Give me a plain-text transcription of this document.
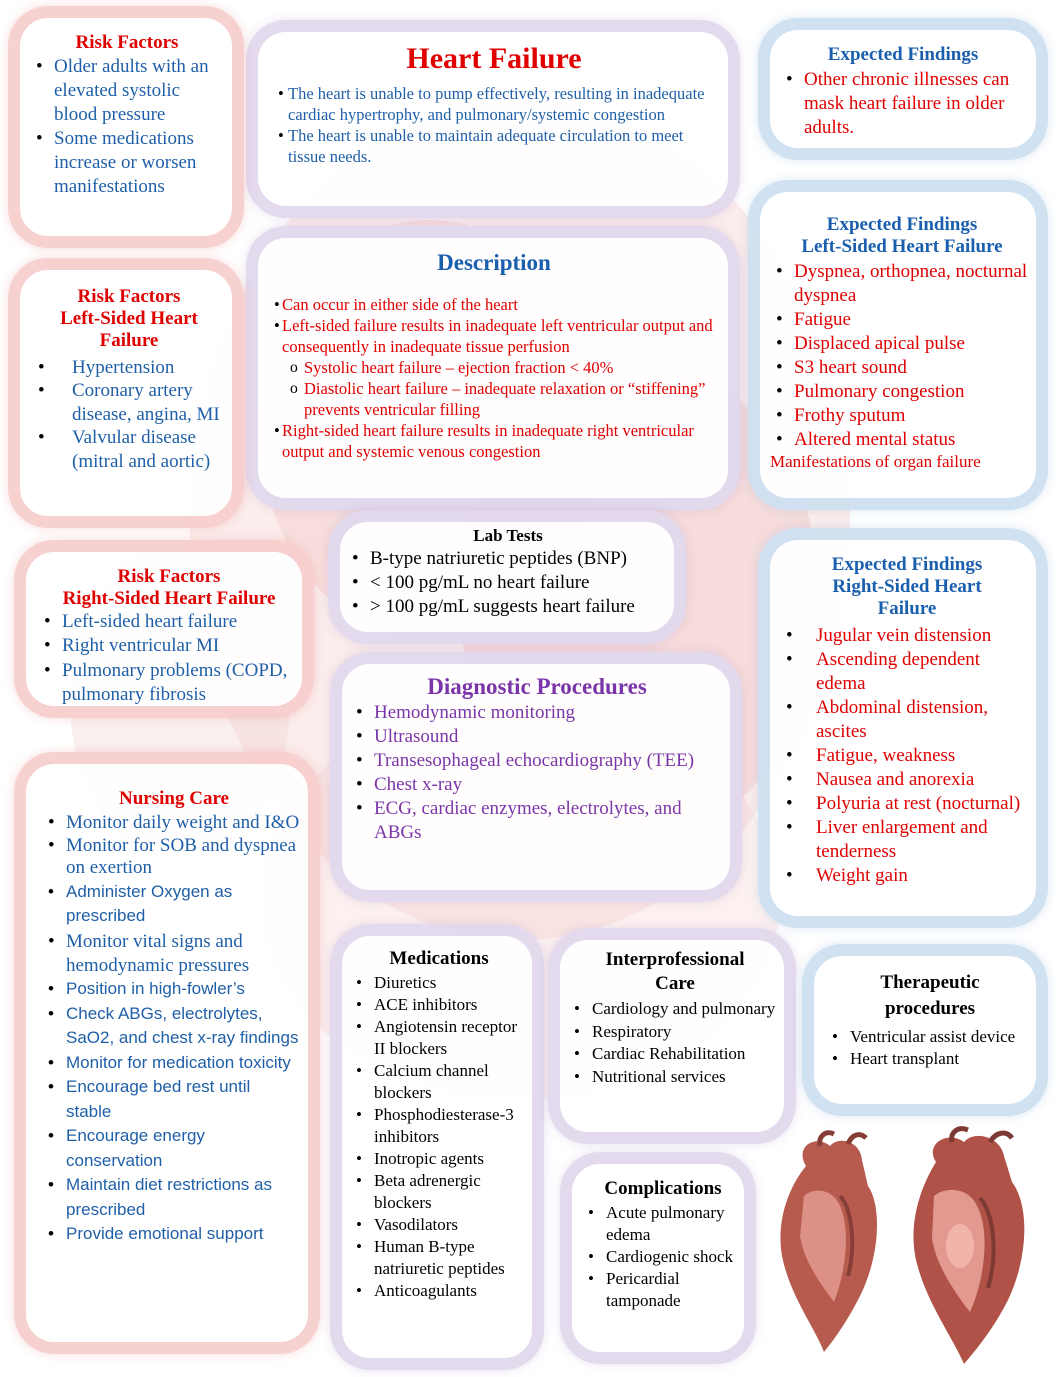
Heart Failure
• The heart is unable to pump effectively, resulting in inadequate cardiac hypertrophy, and pulmonary/systemic congestion
• The heart is unable to maintain adequate circulation to meet tissue needs.
Risk Factors
• Older adults with an elevated systolic blood pressure
• Some medications increase or worsen manifestations
Expected Findings
• Other chronic illnesses can mask heart failure in older adults.
Description
• Can occur in either side of the heart
• Left-sided failure results in inadequate left ventricular output and consequently in inadequate tissue perfusion
o Systolic heart failure – ejection fraction < 40%
o Diastolic heart failure – inadequate relaxation or “stiffening” prevents ventricular filling
• Right-sided heart failure results in inadequate right ventricular output and systemic venous congestion
Risk Factors
Left-Sided Heart Failure
• Hypertension
• Coronary artery disease, angina, MI
• Valvular disease (mitral and aortic)
Expected Findings
Left-Sided Heart Failure
• Dyspnea, orthopnea, nocturnal dyspnea
• Fatigue
• Displaced apical pulse
• S3 heart sound
• Pulmonary congestion
• Frothy sputum
• Altered mental status
Manifestations of organ failure
Lab Tests
• B-type natriuretic peptides (BNP)
• < 100 pg/mL no heart failure
• > 100 pg/mL suggests heart failure
Risk Factors
Right-Sided Heart Failure
• Left-sided heart failure
• Right ventricular MI
• Pulmonary problems (COPD, pulmonary fibrosis
Expected Findings
Right-Sided Heart Failure
• Jugular vein distension
• Ascending dependent edema
• Abdominal distension, ascites
• Fatigue, weakness
• Nausea and anorexia
• Polyuria at rest (nocturnal)
• Liver enlargement and tenderness
• Weight gain
Diagnostic Procedures
• Hemodynamic monitoring
• Ultrasound
• Transesophageal echocardiography (TEE)
• Chest x-ray
• ECG, cardiac enzymes, electrolytes, and ABGs
Nursing Care
• Monitor daily weight and I&O
• Monitor for SOB and dyspnea on exertion
• Administer Oxygen as prescribed
• Monitor vital signs and hemodynamic pressures
• Position in high-fowler’s
• Check ABGs, electrolytes, SaO2, and chest x-ray findings
• Monitor for medication toxicity
• Encourage bed rest until stable
• Encourage energy conservation
• Maintain diet restrictions as prescribed
• Provide emotional support
Medications
• Diuretics
• ACE inhibitors
• Angiotensin receptor II blockers
• Calcium channel blockers
• Phosphodiesterase-3 inhibitors
• Inotropic agents
• Beta adrenergic blockers
• Vasodilators
• Human B-type natriuretic peptides
• Anticoagulants
Interprofessional Care
• Cardiology and pulmonary
• Respiratory
• Cardiac Rehabilitation
• Nutritional services
Therapeutic procedures
• Ventricular assist device
• Heart transplant
Complications
• Acute pulmonary edema
• Cardiogenic shock
• Pericardial tamponade
